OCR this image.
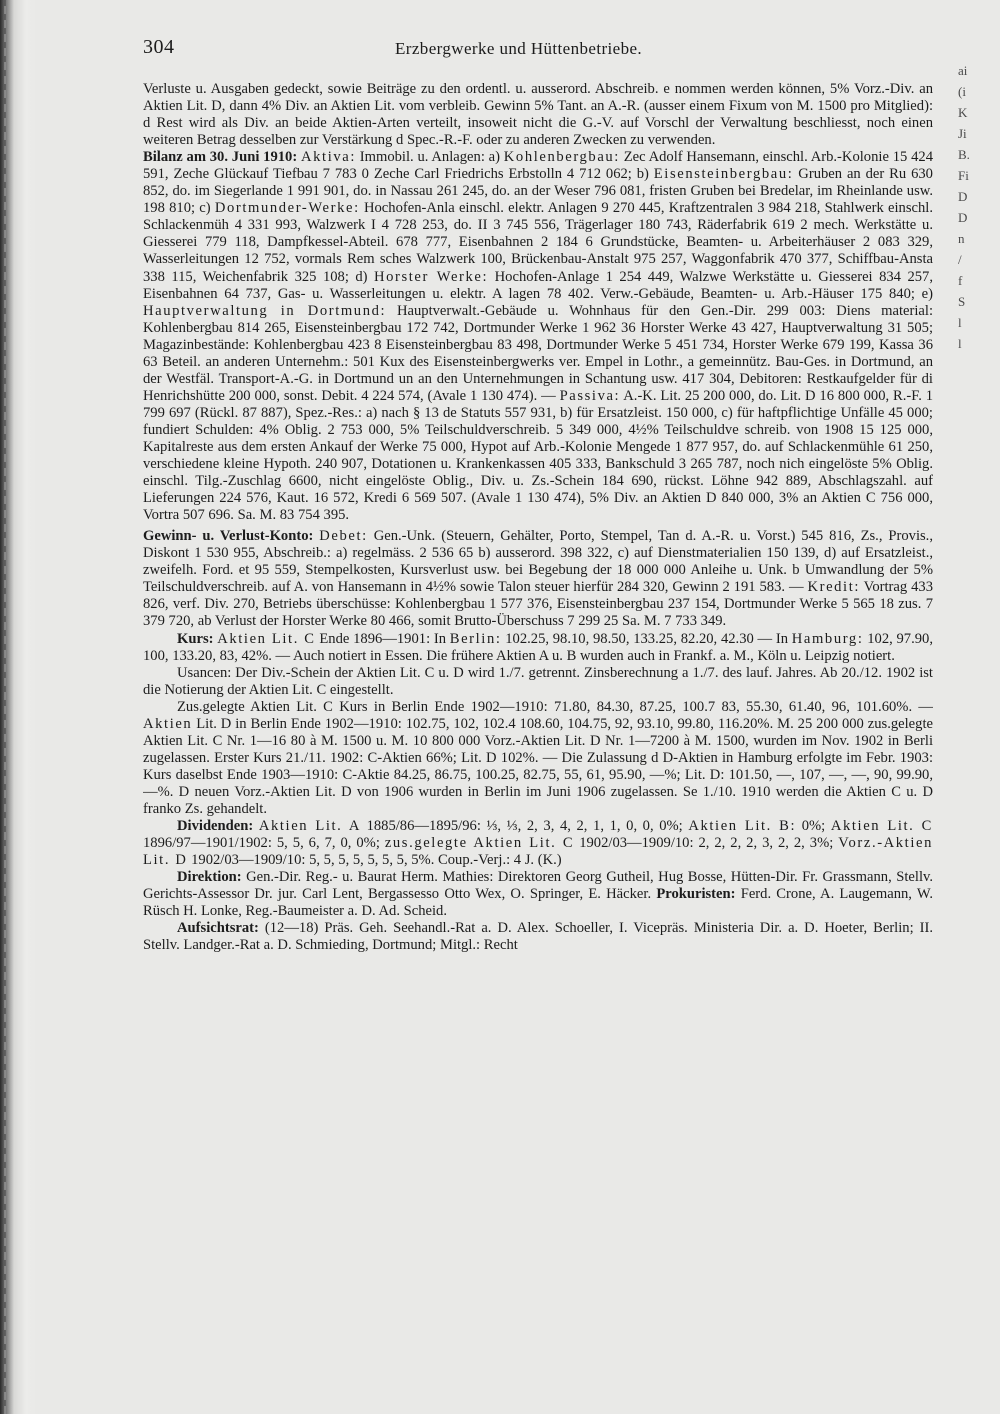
ai
(i
K
Ji
B.
Fi
D
D
n
/
f
S
l
l
304	Erzbergwerke und Hüttenbetriebe.

Verluste u. Ausgaben gedeckt, sowie Beiträge zu den ordentl. u. ausserord. Abschreib. e nommen werden können, 5% Vorz.-Div. an Aktien Lit. D, dann 4% Div. an Aktien Lit. vom verbleib. Gewinn 5% Tant. an A.-R. (ausser einem Fixum von M. 1500 pro Mitglied): d Rest wird als Div. an beide Aktien-Arten verteilt, insoweit nicht die G.-V. auf Vorschl der Verwaltung beschliesst, noch einen weiteren Betrag desselben zur Verstärkung d Spec.-R.-F. oder zu anderen Zwecken zu verwenden.

Bilanz am 30. Juni 1910: Aktiva: Immobil. u. Anlagen: a) Kohlenbergbau: Zec Adolf Hansemann, einschl. Arb.-Kolonie 15 424 591, Zeche Glückauf Tiefbau 7 783 0 Zeche Carl Friedrichs Erbstolln 4 712 062; b) Eisensteinbergbau: Gruben an der Ru 630 852, do. im Siegerlande 1 991 901, do. in Nassau 261 245, do. an der Weser 796 081, fristen Gruben bei Bredelar, im Rheinlande usw. 198 810; c) Dortmunder-Werke: Hochofen-Anla einschl. elektr. Anlagen 9 270 445, Kraftzentralen 3 984 218, Stahlwerk einschl. Schlackenmüh 4 331 993, Walzwerk I 4 728 253, do. II 3 745 556, Trägerlager 180 743, Räderfabrik 619 2 mech. Werkstätte u. Giesserei 779 118, Dampfkessel-Abteil. 678 777, Eisenbahnen 2 184 6 Grundstücke, Beamten- u. Arbeiterhäuser 2 083 329, Wasserleitungen 12 752, vormals Rem sches Walzwerk 100, Brückenbau-Anstalt 975 257, Waggonfabrik 470 377, Schiffbau-Ansta 338 115, Weichenfabrik 325 108; d) Horster Werke: Hochofen-Anlage 1 254 449, Walzwe Werkstätte u. Giesserei 834 257, Eisenbahnen 64 737, Gas- u. Wasserleitungen u. elektr. A lagen 78 402. Verw.-Gebäude, Beamten- u. Arb.-Häuser 175 840; e) Hauptverwaltung in Dortmund: Hauptverwalt.-Gebäude u. Wohnhaus für den Gen.-Dir. 299 003: Diens material: Kohlenbergbau 814 265, Eisensteinbergbau 172 742, Dortmunder Werke 1 962 36 Horster Werke 43 427, Hauptverwaltung 31 505; Magazinbestände: Kohlenbergbau 423 8 Eisensteinbergbau 83 498, Dortmunder Werke 5 451 734, Horster Werke 679 199, Kassa 36 63 Beteil. an anderen Unternehm.: 501 Kux des Eisensteinbergwerks ver. Empel in Lothr., a gemeinnütz. Bau-Ges. in Dortmund, an der Westfäl. Transport-A.-G. in Dortmund un an den Unternehmungen in Schantung usw. 417 304, Debitoren: Restkaufgelder für di Henrichshütte 200 000, sonst. Debit. 4 224 574, (Avale 1 130 474). — Passiva: A.-K. Lit. 25 200 000, do. Lit. D 16 800 000, R.-F. 1 799 697 (Rückl. 87 887), Spez.-Res.: a) nach § 13 de Statuts 557 931, b) für Ersatzleist. 150 000, c) für haftpflichtige Unfälle 45 000; fundiert Schulden: 4% Oblig. 2 753 000, 5% Teilschuldverschreib. 5 349 000, 4½% Teilschuldve schreib. von 1908 15 125 000, Kapitalreste aus dem ersten Ankauf der Werke 75 000, Hypot auf Arb.-Kolonie Mengede 1 877 957, do. auf Schlackenmühle 61 250, verschiedene kleine Hypoth. 240 907, Dotationen u. Krankenkassen 405 333, Bankschuld 3 265 787, noch nich eingelöste 5% Oblig. einschl. Tilg.-Zuschlag 6600, nicht eingelöste Oblig., Div. u. Zs.-Schein 184 690, rückst. Löhne 942 889, Abschlagszahl. auf Lieferungen 224 576, Kaut. 16 572, Kredi 6 569 507. (Avale 1 130 474), 5% Div. an Aktien D 840 000, 3% an Aktien C 756 000, Vortra 507 696. Sa. M. 83 754 395.

Gewinn- u. Verlust-Konto: Debet: Gen.-Unk. (Steuern, Gehälter, Porto, Stempel, Tan d. A.-R. u. Vorst.) 545 816, Zs., Provis., Diskont 1 530 955, Abschreib.: a) regelmäss. 2 536 65 b) ausserord. 398 322, c) auf Dienstmaterialien 150 139, d) auf Ersatzleist., zweifelh. Ford. et 95 559, Stempelkosten, Kursverlust usw. bei Begebung der 18 000 000 Anleihe u. Unk. b Umwandlung der 5% Teilschuldverschreib. auf A. von Hansemann in 4½% sowie Talon steuer hierfür 284 320, Gewinn 2 191 583. — Kredit: Vortrag 433 826, verf. Div. 270, Betriebs überschüsse: Kohlenbergbau 1 577 376, Eisensteinbergbau 237 154, Dortmunder Werke 5 565 18 zus. 7 379 720, ab Verlust der Horster Werke 80 466, somit Brutto-Überschuss 7 299 25 Sa. M. 7 733 349.

Kurs: Aktien Lit. C Ende 1896—1901: In Berlin: 102.25, 98.10, 98.50, 133.25, 82.20, 42.30 — In Hamburg: 102, 97.90, 100, 133.20, 83, 42%. — Auch notiert in Essen. Die frühere Aktien A u. B wurden auch in Frankf. a. M., Köln u. Leipzig notiert.

Usancen: Der Div.-Schein der Aktien Lit. C u. D wird 1./7. getrennt. Zinsberechnung a 1./7. des lauf. Jahres. Ab 20./12. 1902 ist die Notierung der Aktien Lit. C eingestellt.

Zus.gelegte Aktien Lit. C Kurs in Berlin Ende 1902—1910: 71.80, 84.30, 87.25, 100.7 83, 55.30, 61.40, 96, 101.60%. — Aktien Lit. D in Berlin Ende 1902—1910: 102.75, 102, 102.4 108.60, 104.75, 92, 93.10, 99.80, 116.20%. M. 25 200 000 zus.gelegte Aktien Lit. C Nr. 1—16 80 à M. 1500 u. M. 10 800 000 Vorz.-Aktien Lit. D Nr. 1—7200 à M. 1500, wurden im Nov. 1902 in Berli zugelassen. Erster Kurs 21./11. 1902: C-Aktien 66%; Lit. D 102%. — Die Zulassung d D-Aktien in Hamburg erfolgte im Febr. 1903: Kurs daselbst Ende 1903—1910: C-Aktie 84.25, 86.75, 100.25, 82.75, 55, 61, 95.90, —%; Lit. D: 101.50, —, 107, —, —, 90, 99.90, —%. D neuen Vorz.-Aktien Lit. D von 1906 wurden in Berlin im Juni 1906 zugelassen. Se 1./10. 1910 werden die Aktien C u. D franko Zs. gehandelt.

Dividenden: Aktien Lit. A 1885/86—1895/96: ⅓, ⅓, 2, 3, 4, 2, 1, 1, 0, 0, 0%; Aktien Lit. B: 0%; Aktien Lit. C 1896/97—1901/1902: 5, 5, 6, 7, 0, 0%; zus.gelegte Aktien Lit. C 1902/03—1909/10: 2, 2, 2, 2, 3, 2, 2, 3%; Vorz.-Aktien Lit. D 1902/03—1909/10: 5, 5, 5, 5, 5, 5, 5, 5%. Coup.-Verj.: 4 J. (K.)

Direktion: Gen.-Dir. Reg.- u. Baurat Herm. Mathies: Direktoren Georg Gutheil, Hug Bosse, Hütten-Dir. Fr. Grassmann, Stellv. Gerichts-Assessor Dr. jur. Carl Lent, Bergassesso Otto Wex, O. Springer, E. Häcker. Prokuristen: Ferd. Crone, A. Laugemann, W. Rüsch H. Lonke, Reg.-Baumeister a. D. Ad. Scheid.

Aufsichtsrat: (12—18) Präs. Geh. Seehandl.-Rat a. D. Alex. Schoeller, I. Vicepräs. Ministeria Dir. a. D. Hoeter, Berlin; II. Stellv. Landger.-Rat a. D. Schmieding, Dortmund; Mitgl.: Recht
